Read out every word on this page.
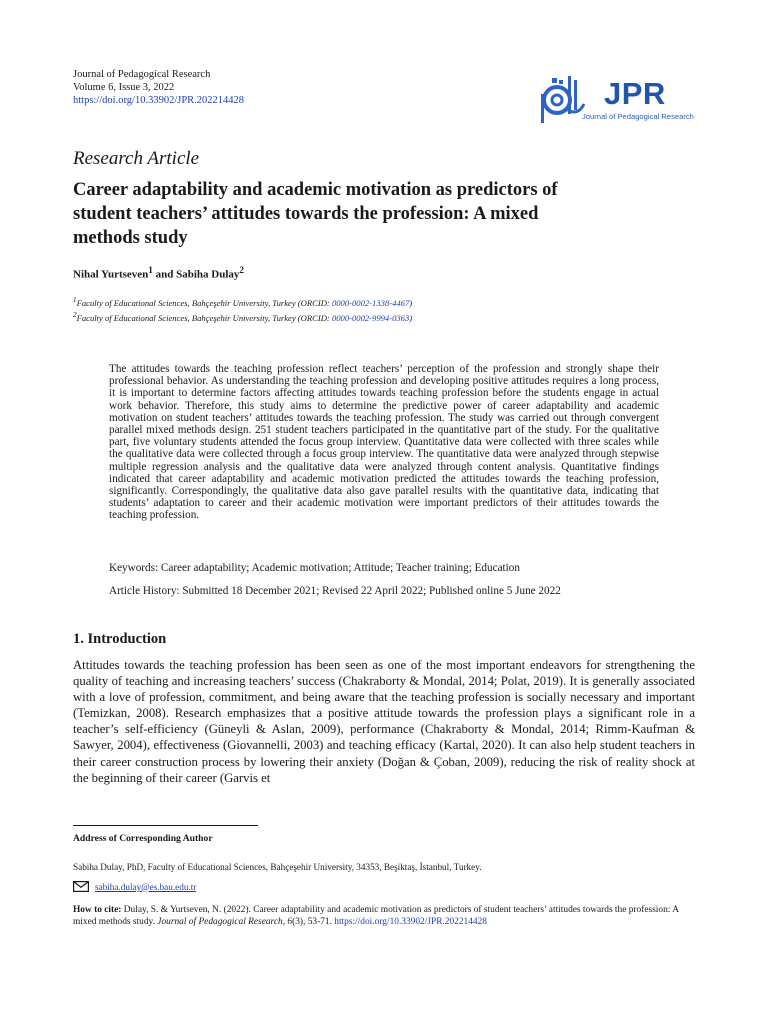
Journal of Pedagogical Research
Volume 6, Issue 3, 2022
https://doi.org/10.33902/JPR.202214428	JPR
Journal of Pedagogical Research
Research Article
Career adaptability and academic motivation as predictors of student teachers’ attitudes towards the profession: A mixed methods study
Nihal Yurtseven$^1$ and Sabiha Dulay$^2$
$^1$Faculty of Educational Sciences, Bahçeşehir University, Turkey (ORCID: 0000-0002-1338-4467)
$^2$Faculty of Educational Sciences, Bahçeşehir University, Turkey (ORCID: 0000-0002-9994-0363)

The attitudes towards the teaching profession reflect teachers’ perception of the profession and strongly shape their professional behavior. As understanding the teaching profession and developing positive attitudes requires a long process, it is important to determine factors affecting attitudes towards teaching profession before the students engage in actual work behavior. Therefore, this study aims to determine the predictive power of career adaptability and academic motivation on student teachers’ attitudes towards the teaching profession. The study was carried out through convergent parallel mixed methods design. 251 student teachers participated in the quantitative part of the study. For the qualitative part, five voluntary students attended the focus group interview. Quantitative data were collected with three scales while the qualitative data were collected through a focus group interview. The quantitative data were analyzed through stepwise multiple regression analysis and the qualitative data were analyzed through content analysis. Quantitative findings indicated that career adaptability and academic motivation predicted the attitudes towards the teaching profession, significantly. Correspondingly, the qualitative data also gave parallel results with the quantitative data, indicating that students’ adaptation to career and their academic motivation were important predictors of their attitudes towards the teaching profession.

Keywords: Career adaptability; Academic motivation; Attitude; Teacher training; Education
Article History: Submitted 18 December 2021; Revised 22 April 2022; Published online 5 June 2022
1. Introduction

Attitudes towards the teaching profession has been seen as one of the most important endeavors for strengthening the quality of teaching and increasing teachers’ success (Chakraborty & Mondal, 2014; Polat, 2019). It is generally associated with a love of profession, commitment, and being aware that the teaching profession is socially necessary and important (Temizkan, 2008). Research emphasizes that a positive attitude towards the profession plays a significant role in a teacher’s self-efficiency (Güneyli & Aslan, 2009), performance (Chakraborty & Mondal, 2014; Rimm-Kaufman & Sawyer, 2004), effectiveness (Giovannelli, 2003) and teaching efficacy (Kartal, 2020). It can also help student teachers in their career construction process by lowering their anxiety (Doğan & Çoban, 2009), reducing the risk of reality shock at the beginning of their career (Garvis et

Address of Corresponding Author
Sabiha Dulay, PhD, Faculty of Educational Sciences, Bahçeşehir University, 34353, Beşiktaş, İstanbul, Turkey.
sabiha.dulay@es.bau.edu.tr

How to cite: Dulay, S. & Yurtseven, N. (2022). Career adaptability and academic motivation as predictors of student teachers’ attitudes towards the profession: A mixed methods study. Journal of Pedagogical Research, 6(3), 53-71. https://doi.org/10.33902/JPR.202214428
